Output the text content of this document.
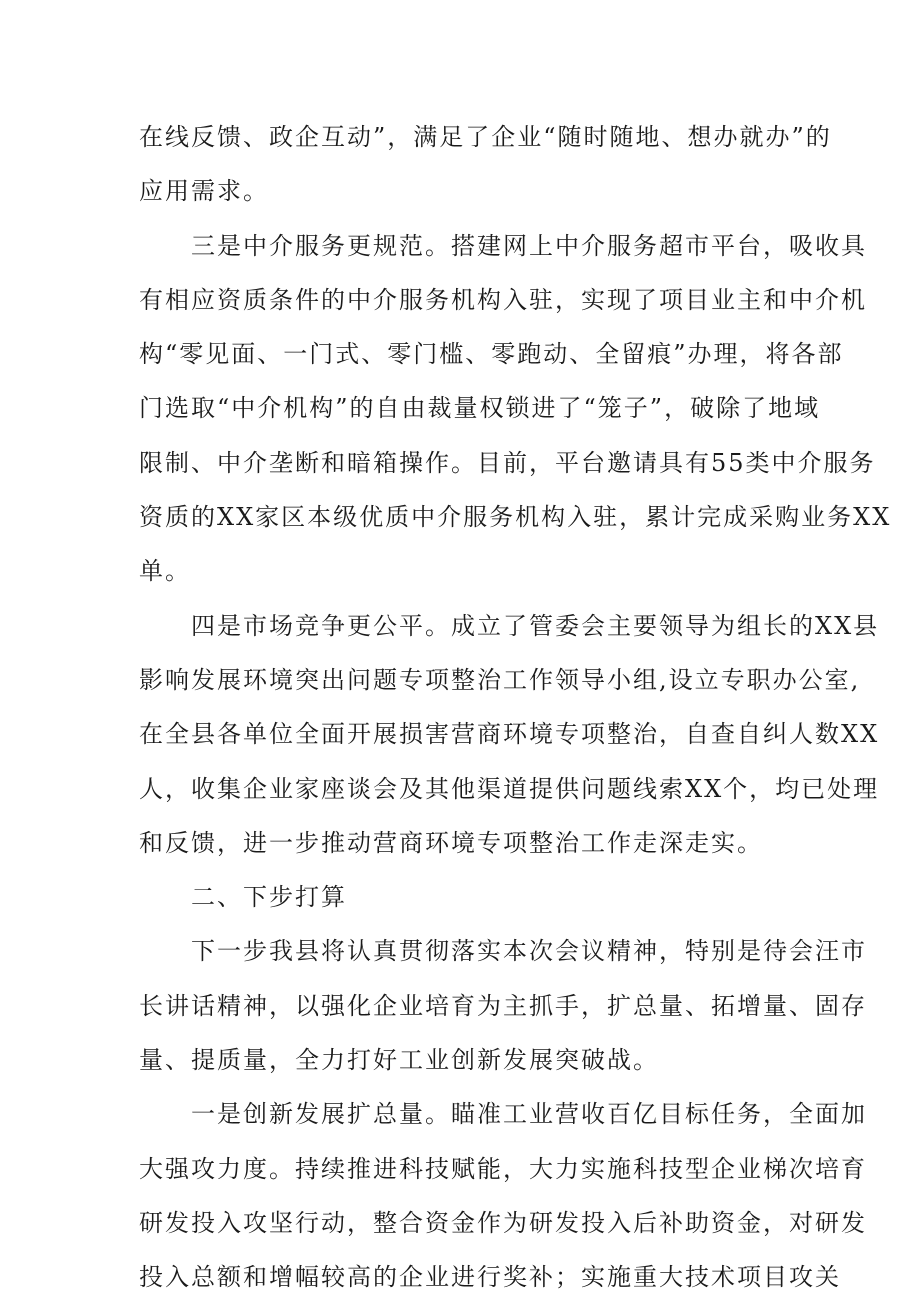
在线反馈、政企互动”，满足了企业“随时随地、想办就办”的
应用需求。
三是中介服务更规范。搭建网上中介服务超市平台，吸收具
有相应资质条件的中介服务机构入驻，实现了项目业主和中介机
构“零见面、一门式、零门槛、零跑动、全留痕”办理，将各部
门选取“中介机构”的自由裁量权锁进了“笼子”，破除了地域
限制、中介垄断和暗箱操作。目前，平台邀请具有55类中介服务
资质的XX家区本级优质中介服务机构入驻，累计完成采购业务XX
单。
四是市场竞争更公平。成立了管委会主要领导为组长的XX县
影响发展环境突出问题专项整治工作领导小组,设立专职办公室,
在全县各单位全面开展损害营商环境专项整治，自查自纠人数XX
人，收集企业家座谈会及其他渠道提供问题线索XX个，均已处理
和反馈，进一步推动营商环境专项整治工作走深走实。
二、下步打算
下一步我县将认真贯彻落实本次会议精神，特别是待会汪市
长讲话精神，以强化企业培育为主抓手，扩总量、拓增量、固存
量、提质量，全力打好工业创新发展突破战。
一是创新发展扩总量。瞄准工业营收百亿目标任务，全面加
大强攻力度。持续推进科技赋能，大力实施科技型企业梯次培育
研发投入攻坚行动，整合资金作为研发投入后补助资金，对研发
投入总额和增幅较高的企业进行奖补；实施重大技术项目攻关
